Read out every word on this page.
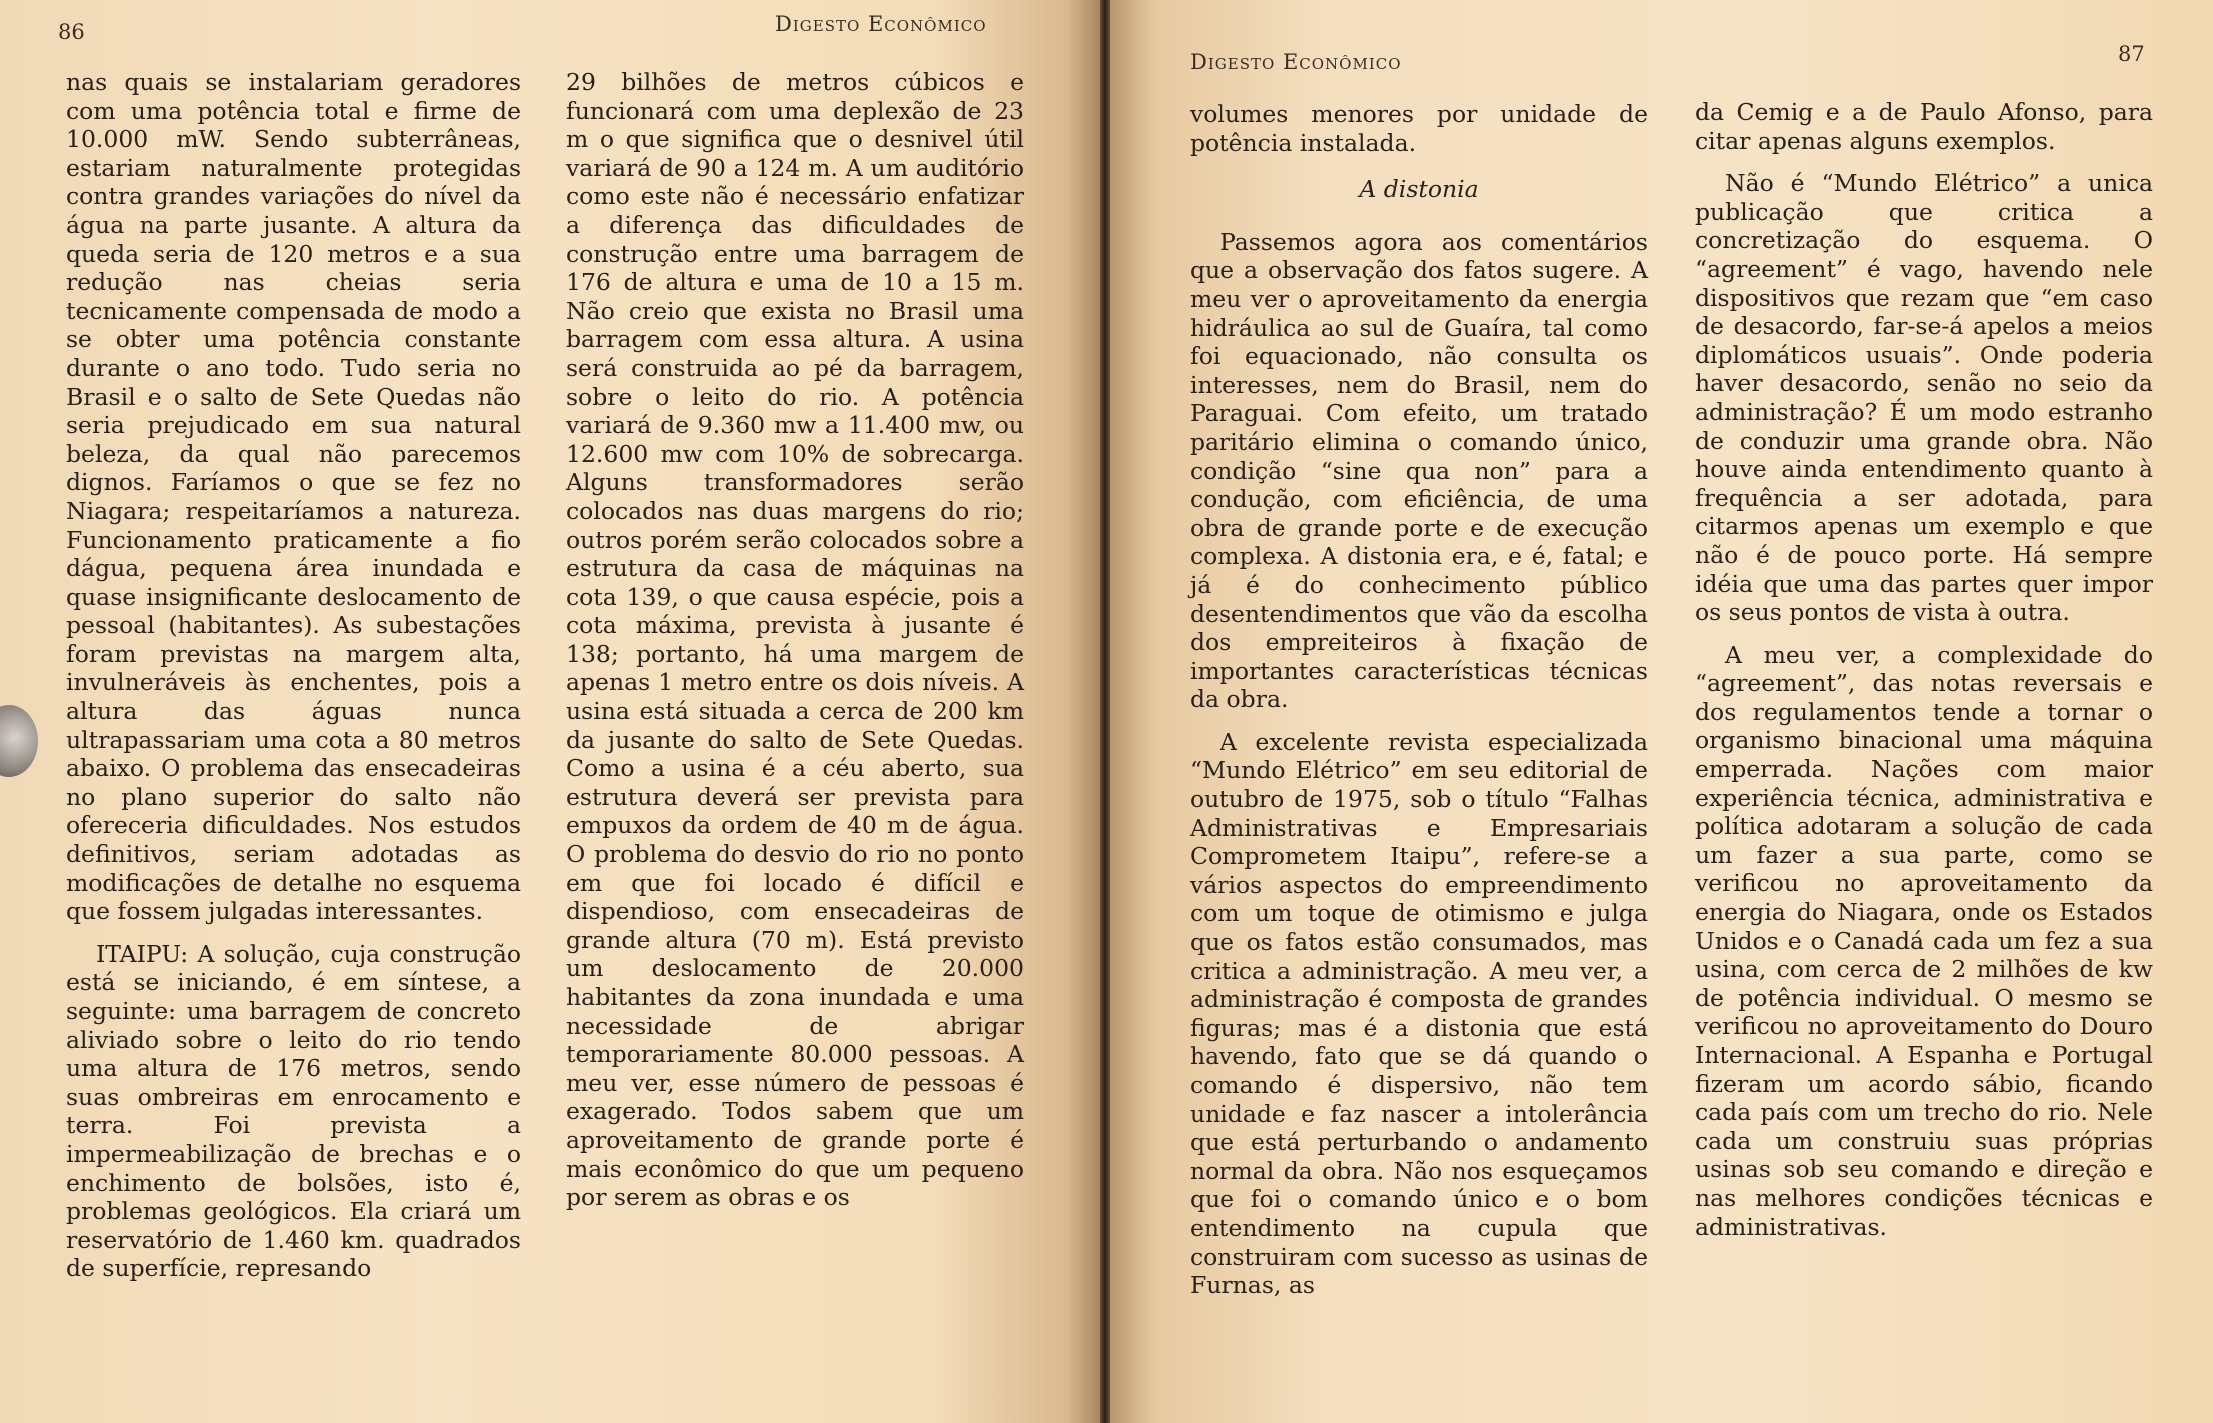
86	Digesto Econômico

nas quais se instalariam geradores com uma potência total e firme de 10.000 mW. Sendo subterrâneas, estariam naturalmente protegidas contra grandes variações do nível da água na parte jusante. A altura da queda seria de 120 metros e a sua redução nas cheias seria tecnicamente compensada de modo a se obter uma potência constante durante o ano todo. Tudo seria no Brasil e o salto de Sete Quedas não seria prejudicado em sua natural beleza, da qual não parecemos dignos. Faríamos o que se fez no Niagara; respeitaríamos a natureza. Funcionamento praticamente a fio dágua, pequena área inundada e quase insignificante deslocamento de pessoal (habitantes). As subestações foram previstas na margem alta, invulneráveis às enchentes, pois a altura das águas nunca ultrapassariam uma cota a 80 metros abaixo. O problema das ensecadeiras no plano superior do salto não ofereceria dificuldades. Nos estudos definitivos, seriam adotadas as modificações de detalhe no esquema que fossem julgadas interessantes.

ITAIPU: A solução, cuja construção está se iniciando, é em síntese, a seguinte: uma barragem de concreto aliviado sobre o leito do rio tendo uma altura de 176 metros, sendo suas ombreiras em enrocamento e terra. Foi prevista a impermeabilização de brechas e o enchimento de bolsões, isto é, problemas geológicos. Ela criará um reservatório de 1.460 km. quadrados de superfície, represando

29 bilhões de metros cúbicos e funcionará com uma deplexão de 23 m o que significa que o desnivel útil variará de 90 a 124 m. A um auditório como este não é necessário enfatizar a diferença das dificuldades de construção entre uma barragem de 176 de altura e uma de 10 a 15 m. Não creio que exista no Brasil uma barragem com essa altura. A usina será construida ao pé da barragem, sobre o leito do rio. A potência variará de 9.360 mw a 11.400 mw, ou 12.600 mw com 10% de sobrecarga. Alguns transformadores serão colocados nas duas margens do rio; outros porém serão colocados sobre a estrutura da casa de máquinas na cota 139, o que causa espécie, pois a cota máxima, prevista à jusante é 138; portanto, há uma margem de apenas 1 metro entre os dois níveis. A usina está situada a cerca de 200 km da jusante do salto de Sete Quedas. Como a usina é a céu aberto, sua estrutura deverá ser prevista para empuxos da ordem de 40 m de água. O problema do desvio do rio no ponto em que foi locado é difícil e dispendioso, com ensecadeiras de grande altura (70 m). Está previsto um deslocamento de 20.000 habitantes da zona inundada e uma necessidade de abrigar temporariamente 80.000 pessoas. A meu ver, esse número de pessoas é exagerado. Todos sabem que um aproveitamento de grande porte é mais econômico do que um pequeno por serem as obras e os

Digesto Econômico	87

volumes menores por unidade de potência instalada.

A distonia

Passemos agora aos comentários que a observação dos fatos sugere. A meu ver o aproveitamento da energia hidráulica ao sul de Guaíra, tal como foi equacionado, não consulta os interesses, nem do Brasil, nem do Paraguai. Com efeito, um tratado paritário elimina o comando único, condição “sine qua non” para a condução, com eficiência, de uma obra de grande porte e de execução complexa. A distonia era, e é, fatal; e já é do conhecimento público desentendimentos que vão da escolha dos empreiteiros à fixação de importantes características técnicas da obra.

A excelente revista especializada “Mundo Elétrico” em seu editorial de outubro de 1975, sob o título “Falhas Administrativas e Empresariais Comprometem Itaipu”, refere-se a vários aspectos do empreendimento com um toque de otimismo e julga que os fatos estão consumados, mas critica a administração. A meu ver, a administração é composta de grandes figuras; mas é a distonia que está havendo, fato que se dá quando o comando é dispersivo, não tem unidade e faz nascer a intolerância que está perturbando o andamento normal da obra. Não nos esqueçamos que foi o comando único e o bom entendimento na cupula que construiram com sucesso as usinas de Furnas, as

da Cemig e a de Paulo Afonso, para citar apenas alguns exemplos.

Não é “Mundo Elétrico” a unica publicação que critica a concretização do esquema. O “agreement” é vago, havendo nele dispositivos que rezam que “em caso de desacordo, far-se-á apelos a meios diplomáticos usuais”. Onde poderia haver desacordo, senão no seio da administração? É um modo estranho de conduzir uma grande obra. Não houve ainda entendimento quanto à frequência a ser adotada, para citarmos apenas um exemplo e que não é de pouco porte. Há sempre idéia que uma das partes quer impor os seus pontos de vista à outra.

A meu ver, a complexidade do “agreement”, das notas reversais e dos regulamentos tende a tornar o organismo binacional uma máquina emperrada. Nações com maior experiência técnica, administrativa e política adotaram a solução de cada um fazer a sua parte, como se verificou no aproveitamento da energia do Niagara, onde os Estados Unidos e o Canadá cada um fez a sua usina, com cerca de 2 milhões de kw de potência individual. O mesmo se verificou no aproveitamento do Douro Internacional. A Espanha e Portugal fizeram um acordo sábio, ficando cada país com um trecho do rio. Nele cada um construiu suas próprias usinas sob seu comando e direção e nas melhores condições técnicas e administrativas.
